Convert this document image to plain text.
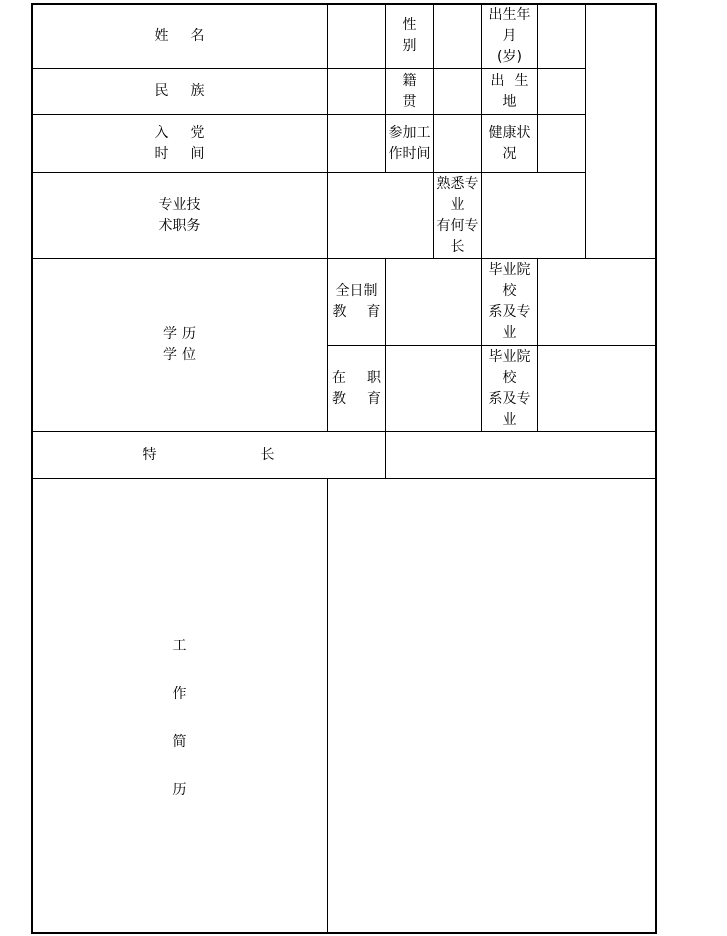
姓 名
性
别
出生年
月
(岁)
民 族
籍
贯
出 生
地
入 党
时 间
参加工
作时间
健康状
况
专业技
术职务
熟悉专
业
有何专
长
学 历
学 位
全日制
教 育
毕业院
校
系及专
业
在 职
教 育
毕业院
校
系及专
业
特 长
工
作
简
历
